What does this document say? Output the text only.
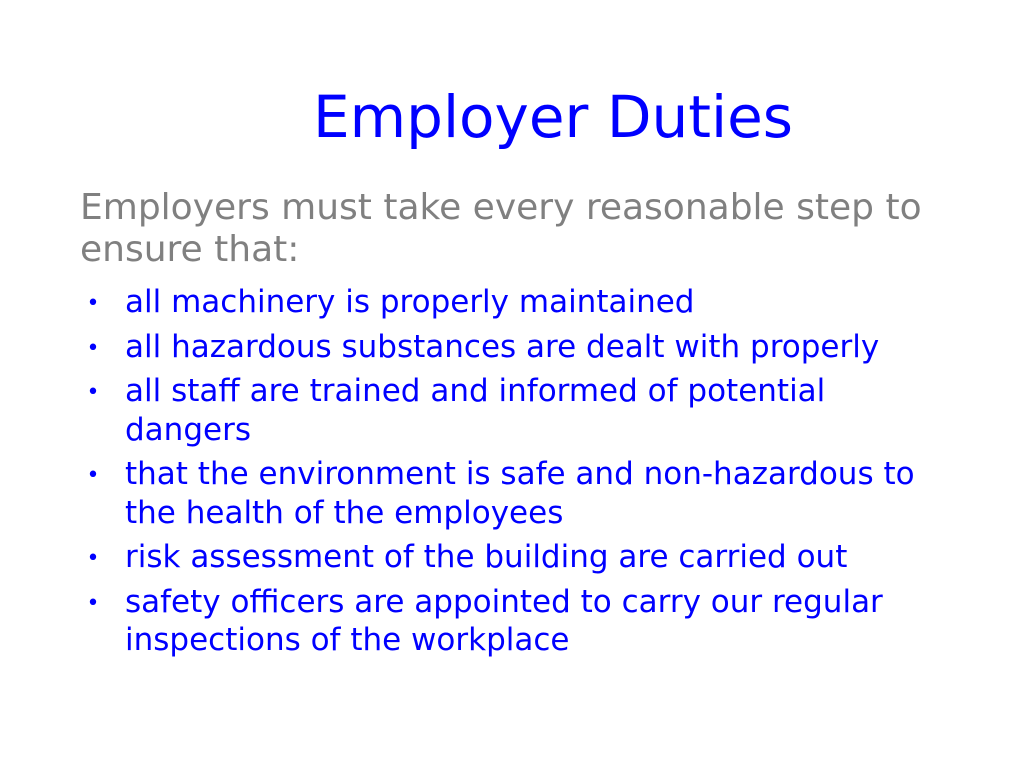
Employer Duties

Employers must take every reasonable step to ensure that:

•
all machinery is properly maintained
•
all hazardous substances are dealt with properly
•
all staff are trained and informed of potential dangers
•
that the environment is safe and non-hazardous to the health of the employees
•
risk assessment of the building are carried out
•
safety officers are appointed to carry our regular inspections of the workplace
